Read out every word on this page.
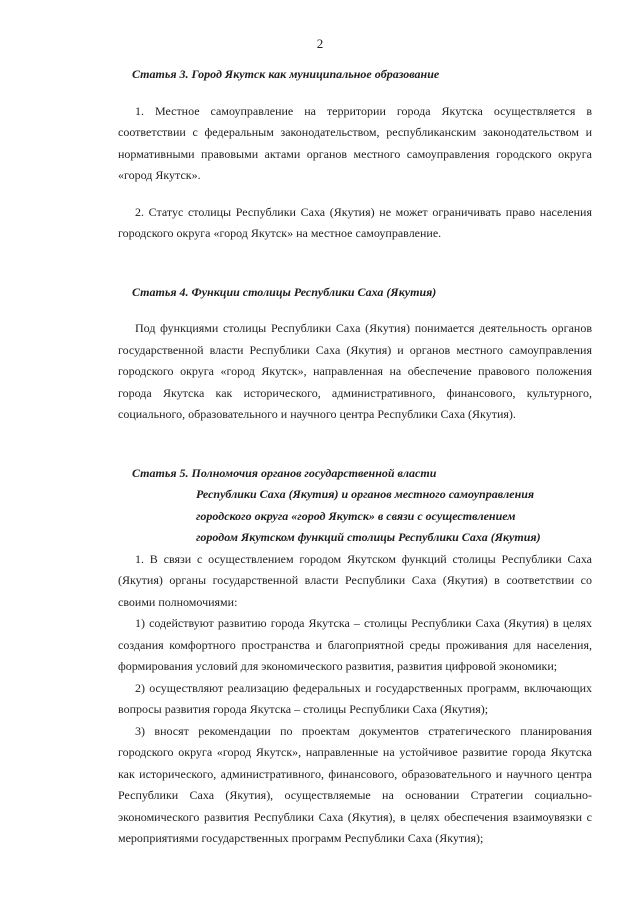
2
Статья 3. Город Якутск как муниципальное образование

1. Местное самоуправление на территории города Якутска осуществляется в соответствии с федеральным законодательством, республиканским законодательством и нормативными правовыми актами органов местного самоуправления городского округа «город Якутск».

2. Статус столицы Республики Саха (Якутия) не может ограничивать право населения городского округа «город Якутск» на местное самоуправление.

Статья 4. Функции столицы Республики Саха (Якутия)

Под функциями столицы Республики Саха (Якутия) понимается деятельность органов государственной власти Республики Саха (Якутия) и органов местного самоуправления городского округа «город Якутск», направленная на обеспечение правового положения города Якутска как исторического, административного, финансового, культурного, социального, образовательного и научного центра Республики Саха (Якутия).

Статья 5. Полномочия органов государственной власти
Республики Саха (Якутия) и органов местного самоуправления
городского округа «город Якутск» в связи с осуществлением
городом Якутском функций столицы Республики Саха (Якутия)

1. В связи с осуществлением городом Якутском функций столицы Республики Саха (Якутия) органы государственной власти Республики Саха (Якутия) в соответствии со своими полномочиями:

1) содействуют развитию города Якутска – столицы Республики Саха (Якутия) в целях создания комфортного пространства и благоприятной среды проживания для населения, формирования условий для экономического развития, развития цифровой экономики;

2) осуществляют реализацию федеральных и государственных программ, включающих вопросы развития города Якутска – столицы Республики Саха (Якутия);

3) вносят рекомендации по проектам документов стратегического планирования городского округа «город Якутск», направленные на устойчивое развитие города Якутска как исторического, административного, финансового, образовательного и научного центра Республики Саха (Якутия), осуществляемые на основании Стратегии социально-экономического развития Республики Саха (Якутия), в целях обеспечения взаимоувязки с мероприятиями государственных программ Республики Саха (Якутия);
